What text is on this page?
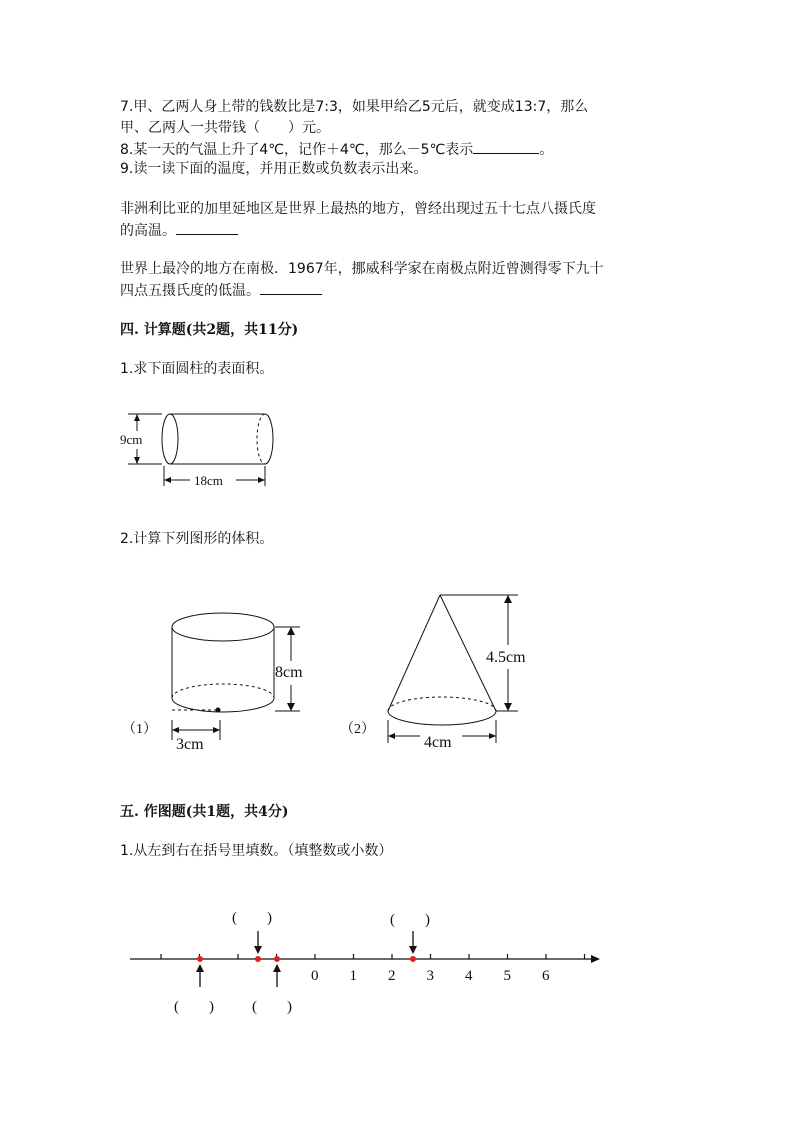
7.甲、乙两人身上带的钱数比是7:3，如果甲给乙5元后，就变成13:7，那么
甲、乙两人一共带钱（　　）元。
8.某一天的气温上升了4℃，记作＋4℃，那么－5℃表示	。
9.读一读下面的温度，并用正数或负数表示出来。
非洲利比亚的加里延地区是世界上最热的地方，曾经出现过五十七点八摄氏度
的高温。
世界上最冷的地方在南极．1967年，挪威科学家在南极点附近曾测得零下九十
四点五摄氏度的低温。
四. 计算题(共2题，共11分)
1.求下面圆柱的表面积。
9cm
18cm
2.计算下列图形的体积。
8cm
3cm
（1）
4.5cm
4cm
（2）
五. 作图题(共1题，共4分)
1.从左到右在括号里填数。（填整数或小数）
0 1 2 3 4 5 6
(　　)	(　　)
(　　)	(　　)
